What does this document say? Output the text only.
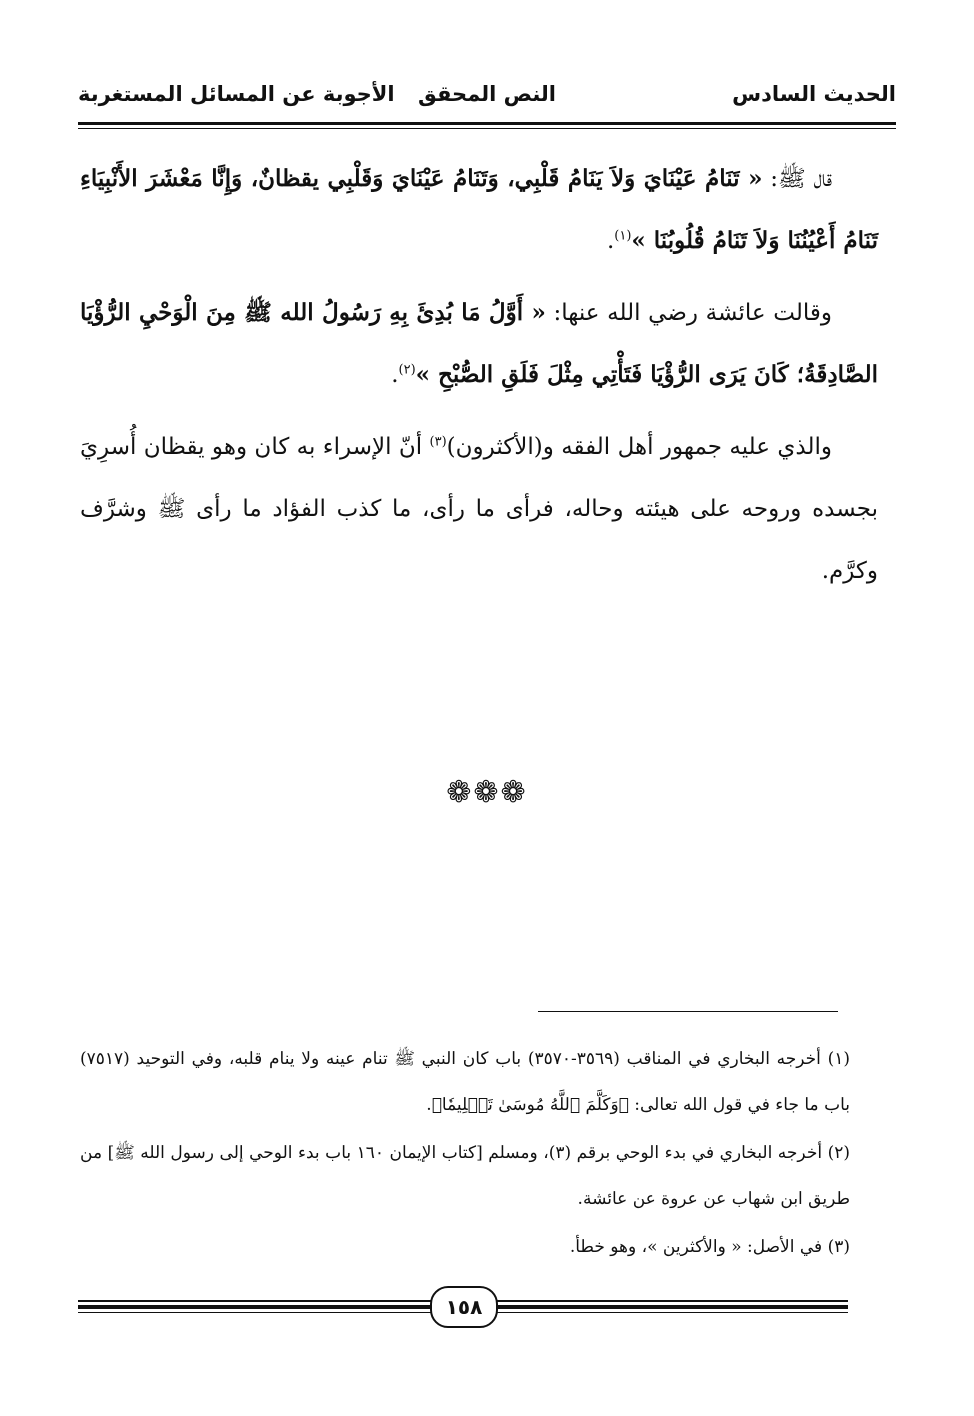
الحديث السادس
النص المحقق
الأجوبة عن المسائل المستغربة

قال ﷺ: « تَنَامُ عَيْنَايَ وَلاَ يَنَامُ قَلْبِي، وَتَنَامُ عَيْنَايَ وَقَلْبِي يقظانٌ، وَإِنَّا مَعْشَرَ الأَنْبِيَاءِ تَنَامُ أَعْيُنُنَا وَلاَ تَنَامُ قُلُوبُنَا »$^{(١)}$.

وقالت عائشة رضي الله عنها: « أَوَّلُ مَا بُدِئَ بِهِ رَسُولُ الله ﷺ مِنَ الْوَحْيِ الرُّؤْيَا الصَّادِقَةُ؛ كَانَ يَرَى الرُّؤْيَا فَتَأْتِي مِثْلَ فَلَقِ الصُّبْحِ »$^{(٢)}$.

والذي عليه جمهور أهل الفقه و(الأكثرون)$^{(٣)}$ أنّ الإسراء به كان وهو يقظان أُسرِيَ بجسده وروحه على هيئته وحاله، فرأى ما رأى، ما كذب الفؤاد ما رأى ﷺ وشرَّف وكرَّم.

❁❁❁

(١) أخرجه البخاري في المناقب (٣٥٦٩-٣٥٧٠) باب كان النبي ﷺ تنام عينه ولا ينام قلبه، وفي التوحيد (٧٥١٧) باب ما جاء في قول الله تعالى: ﴿وَكَلَّمَ ٱللَّهُ مُوسَىٰ تَكۡلِيمٗا﴾.

(٢) أخرجه البخاري في بدء الوحي برقم (٣)، ومسلم [كتاب الإيمان ١٦٠ باب بدء الوحي إلى رسول الله ﷺ] من طريق ابن شهاب عن عروة عن عائشة.

(٣) في الأصل: « والأكثرين »، وهو خطأ.

١٥٨
